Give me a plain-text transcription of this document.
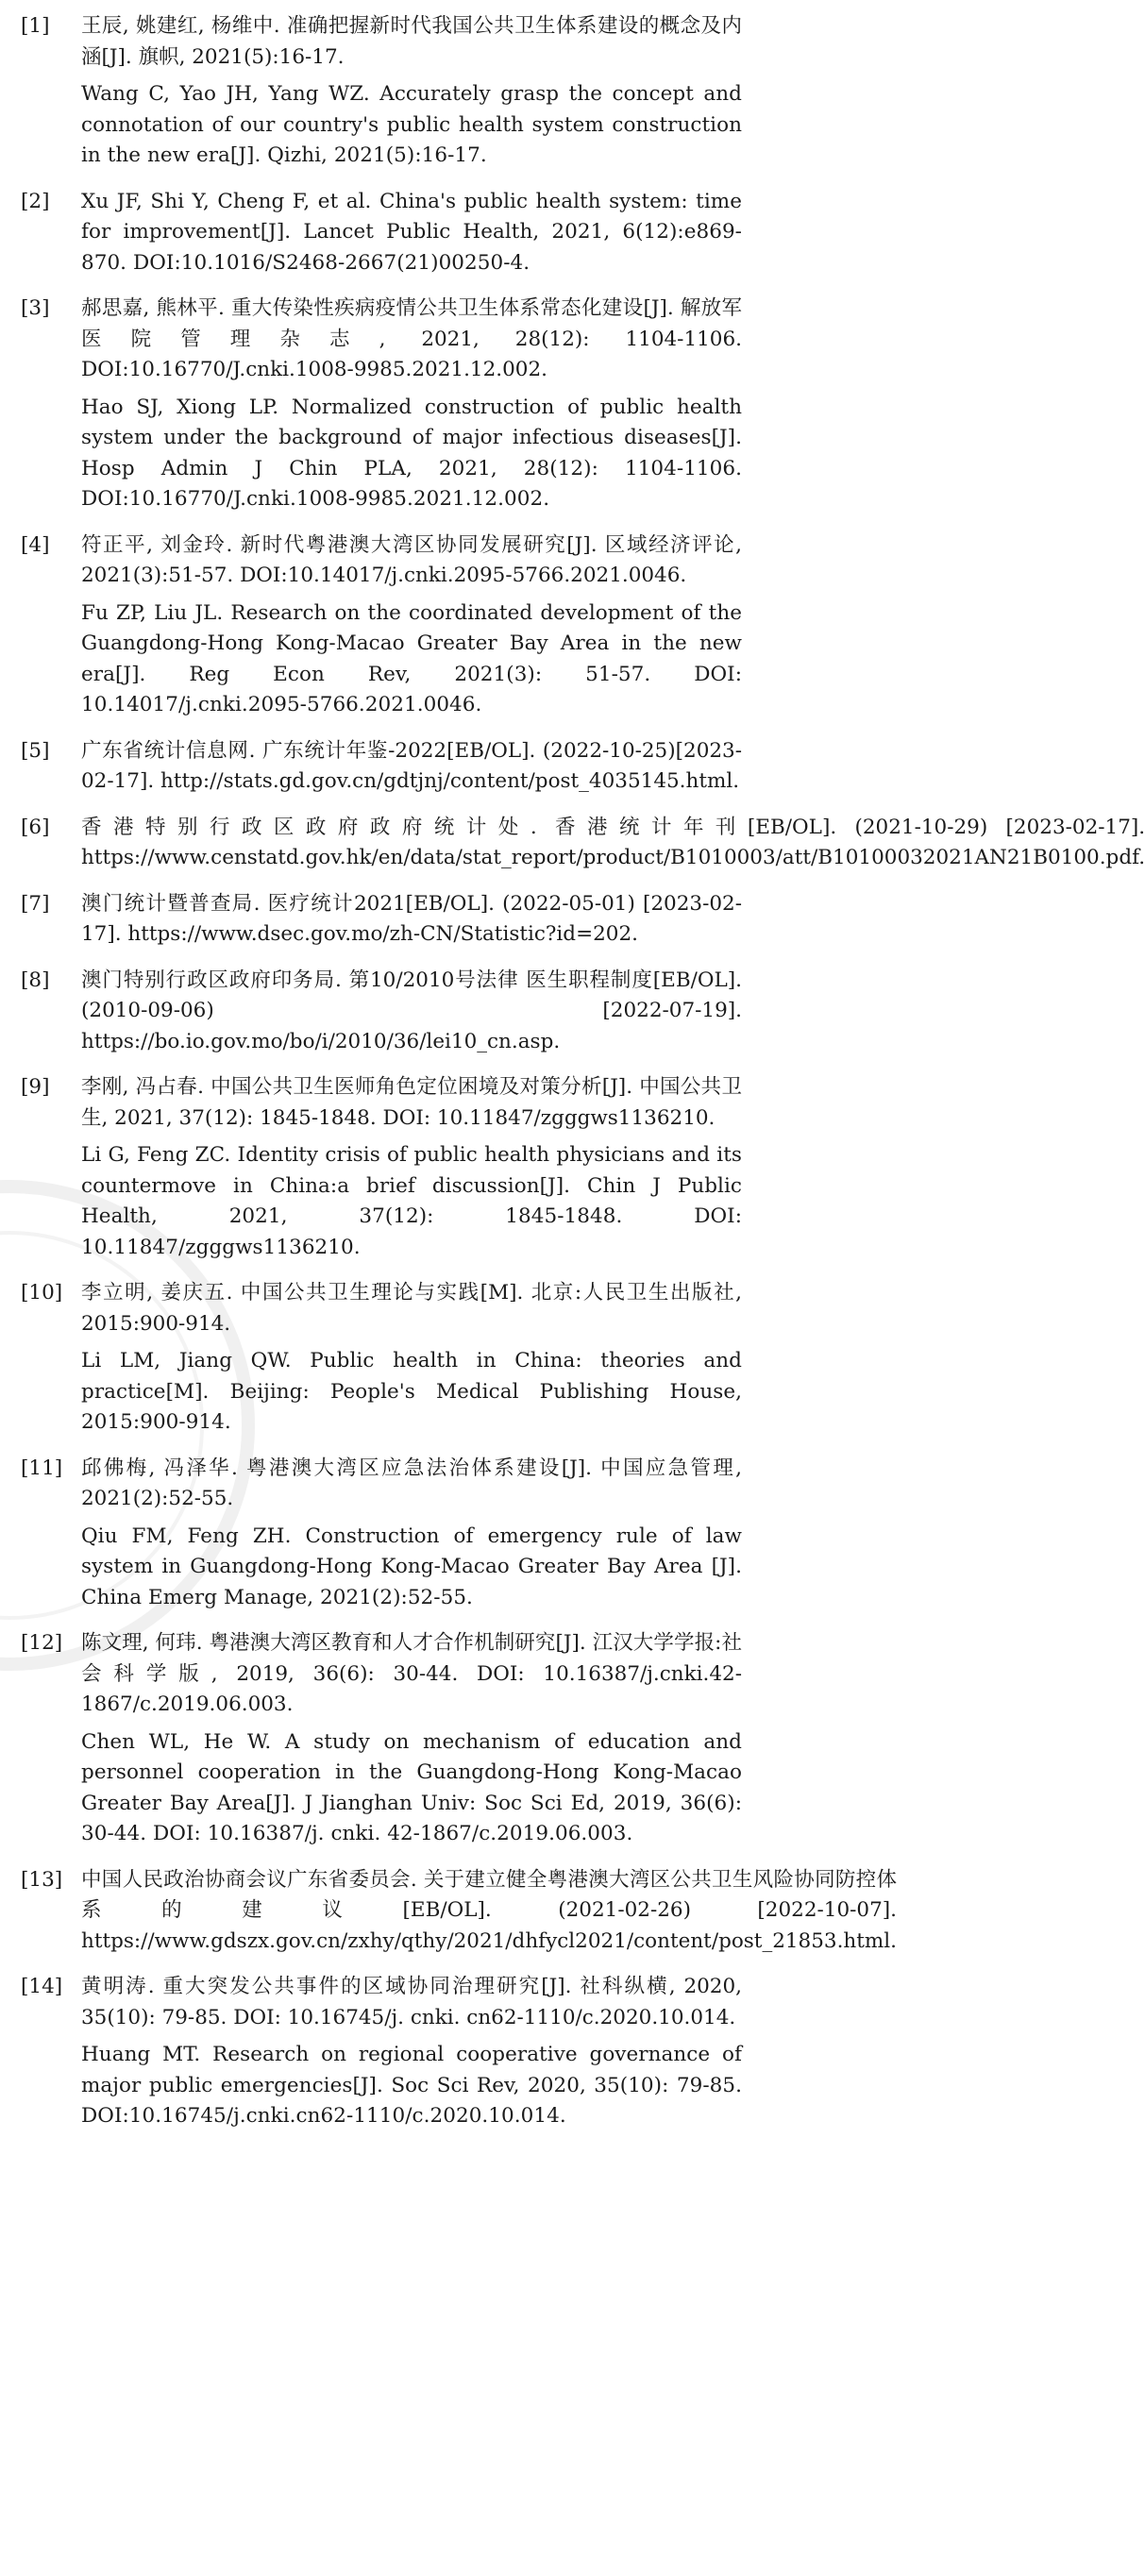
[1]	王辰, 姚建红, 杨维中. 准确把握新时代我国公共卫生体系建设的概念及内涵[J]. 旗帜, 2021(5):16-17.

Wang C, Yao JH, Yang WZ. Accurately grasp the concept and connotation of our country's public health system construction in the new era[J]. Qizhi, 2021(5):16-17.

[2]	Xu JF, Shi Y, Cheng F, et al. China's public health system: time for improvement[J]. Lancet Public Health, 2021, 6(12):e869-870. DOI:10.1016/S2468-2667(21)00250-4.

[3]	郝思嘉, 熊林平. 重大传染性疾病疫情公共卫生体系常态化建设[J]. 解放军医院管理杂志, 2021, 28(12): 1104-1106. DOI:10.16770/J.cnki.1008-9985.2021.12.002.

Hao SJ, Xiong LP. Normalized construction of public health system under the background of major infectious diseases[J]. Hosp Admin J Chin PLA, 2021, 28(12): 1104-1106. DOI:10.16770/J.cnki.1008-9985.2021.12.002.

[4]	符正平, 刘金玲. 新时代粤港澳大湾区协同发展研究[J]. 区域经济评论, 2021(3):51-57. DOI:10.14017/j.cnki.2095-5766.2021.0046.

Fu ZP, Liu JL. Research on the coordinated development of the Guangdong-Hong Kong-Macao Greater Bay Area in the new era[J]. Reg Econ Rev, 2021(3): 51-57. DOI: 10.14017/j.cnki.2095-5766.2021.0046.

[5]	广东省统计信息网. 广东统计年鉴-2022[EB/OL]. (2022-10-25)[2023-02-17]. http://stats.gd.gov.cn/gdtjnj/content/post_4035145.html.

[6]	香港特别行政区政府政府统计处. 香港统计年刊[EB/OL]. (2021-10-29) [2023-02-17]. https://www.censtatd.gov.hk/en/data/stat_report/product/B1010003/att/B10100032021AN21B0100.pdf.

[7]	澳门统计暨普查局. 医疗统计2021[EB/OL]. (2022-05-01) [2023-02-17]. https://www.dsec.gov.mo/zh-CN/Statistic?id=202.

[8]	澳门特别行政区政府印务局. 第10/2010号法律 医生职程制度[EB/OL]. (2010-09-06) [2022-07-19]. https://bo.io.gov.mo/bo/i/2010/36/lei10_cn.asp.

[9]	李刚, 冯占春. 中国公共卫生医师角色定位困境及对策分析[J]. 中国公共卫生, 2021, 37(12): 1845-1848. DOI: 10.11847/zgggws1136210.

Li G, Feng ZC. Identity crisis of public health physicians and its countermove in China:a brief discussion[J]. Chin J Public Health, 2021, 37(12): 1845-1848. DOI: 10.11847/zgggws1136210.

[10] 李立明, 姜庆五. 中国公共卫生理论与实践[M]. 北京:人民卫生出版社, 2015:900-914.

Li LM, Jiang QW. Public health in China: theories and practice[M]. Beijing: People's Medical Publishing House, 2015:900-914.

[11] 邱佛梅, 冯泽华. 粤港澳大湾区应急法治体系建设[J]. 中国应急管理, 2021(2):52-55.

Qiu FM, Feng ZH. Construction of emergency rule of law system in Guangdong-Hong Kong-Macao Greater Bay Area [J]. China Emerg Manage, 2021(2):52-55.

[12] 陈文理, 何玮. 粤港澳大湾区教育和人才合作机制研究[J]. 江汉大学学报:社会科学版, 2019, 36(6): 30-44. DOI: 10.16387/j.cnki.42-1867/c.2019.06.003.

Chen WL, He W. A study on mechanism of education and personnel cooperation in the Guangdong-Hong Kong-Macao Greater Bay Area[J]. J Jianghan Univ: Soc Sci Ed, 2019, 36(6): 30-44. DOI: 10.16387/j. cnki. 42-1867/c.2019.06.003.

[13] 中国人民政治协商会议广东省委员会. 关于建立健全粤港澳大湾区公共卫生风险协同防控体系的建议[EB/OL]. (2021-02-26) [2022-10-07]. https://www.gdszx.gov.cn/zxhy/qthy/2021/dhfycl2021/content/post_21853.html.

[14] 黄明涛. 重大突发公共事件的区域协同治理研究[J]. 社科纵横, 2020, 35(10): 79-85. DOI: 10.16745/j. cnki. cn62-1110/c.2020.10.014.

Huang MT. Research on regional cooperative governance of major public emergencies[J]. Soc Sci Rev, 2020, 35(10): 79-85. DOI:10.16745/j.cnki.cn62-1110/c.2020.10.014.
